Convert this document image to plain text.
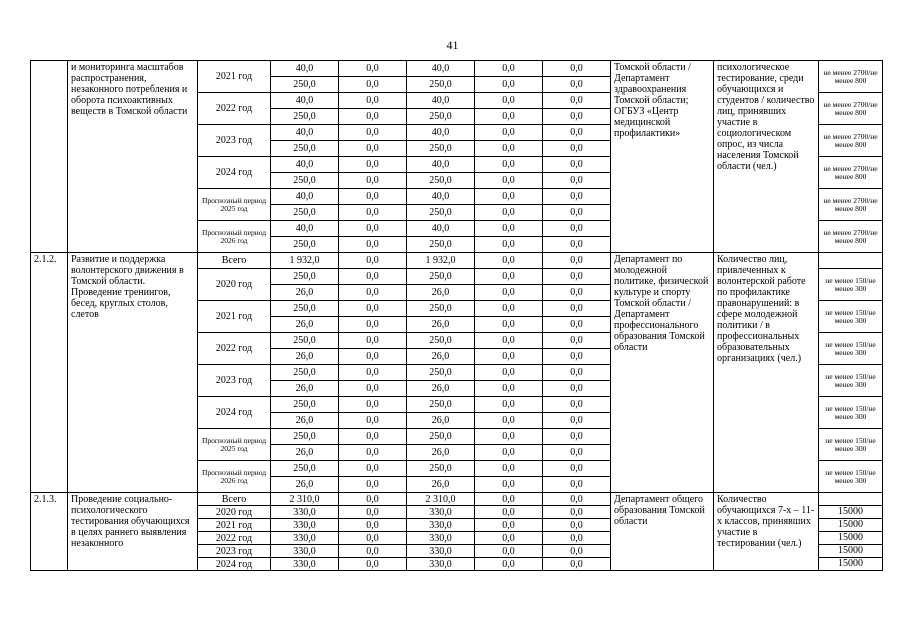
41
	и мониторинга масштабов распространения, незаконного потребления и оборота психоактивных веществ в Томской области	2021 год	40,0	0,0	40,0	0,0	0,0	Томской области / Департамент здравоохранения Томской области; ОГБУЗ «Центр медицинской профилактики»	психологическое тестирование, среди обучающихся и студентов / количество лиц, принявших участие в социологическом опрос, из числа населения Томской области (чел.)	не менее 2700/не менее 800
			250,0	0,0	250,0	0,0	0,0			
		2022 год	40,0	0,0	40,0	0,0	0,0			не менее 2700/не менее 800
			250,0	0,0	250,0	0,0	0,0			
		2023 год	40,0	0,0	40,0	0,0	0,0			не менее 2700/не менее 800
			250,0	0,0	250,0	0,0	0,0			
		2024 год	40,0	0,0	40,0	0,0	0,0			не менее 2700/не менее 800
			250,0	0,0	250,0	0,0	0,0			
		Прогнозный период 2025 год	40,0	0,0	40,0	0,0	0,0			не менее 2700/не менее 800
			250,0	0,0	250,0	0,0	0,0			
		Прогнозный период 2026 год	40,0	0,0	40,0	0,0	0,0			не менее 2700/не менее 800
			250,0	0,0	250,0	0,0	0,0			
2.1.2.	Развитие и поддержка волонтерского движения в Томской области. Проведение тренингов, бесед, круглых столов, слетов	Всего	1 932,0	0,0	1 932,0	0,0	0,0	Департамент по молодежной политике, физической культуре и спорту Томской области / Департамент профессионального образования Томской области	Количество лиц, привлеченных к волонтерской работе по профилактике правонарушений: в сфере молодежной политики / в профессиональных образовательных организациях (чел.)	
		2020 год	250,0	0,0	250,0	0,0	0,0			не менее 150/не менее 300
			26,0	0,0	26,0	0,0	0,0			
		2021 год	250,0	0,0	250,0	0,0	0,0			не менее 150/не менее 300
			26,0	0,0	26,0	0,0	0,0			
		2022 год	250,0	0,0	250,0	0,0	0,0			не менее 150/не менее 300
			26,0	0,0	26,0	0,0	0,0			
		2023 год	250,0	0,0	250,0	0,0	0,0			не менее 150/не менее 300
			26,0	0,0	26,0	0,0	0,0			
		2024 год	250,0	0,0	250,0	0,0	0,0			не менее 150/не менее 300
			26,0	0,0	26,0	0,0	0,0			
		Прогнозный период 2025 год	250,0	0,0	250,0	0,0	0,0			не менее 150/не менее 300
			26,0	0,0	26,0	0,0	0,0			
		Прогнозный период 2026 год	250,0	0,0	250,0	0,0	0,0			не менее 150/не менее 300
			26,0	0,0	26,0	0,0	0,0			
2.1.3.	Проведение социально-психологического тестирования обучающихся в целях раннего выявления незаконного	Всего	2 310,0	0,0	2 310,0	0,0	0,0	Департамент общего образования Томской области	Количество обучающихся 7-х – 11-х классов, принявших участие в тестировании (чел.)	
		2020 год	330,0	0,0	330,0	0,0	0,0			15000
		2021 год	330,0	0,0	330,0	0,0	0,0			15000
		2022 год	330,0	0,0	330,0	0,0	0,0			15000
		2023 год	330,0	0,0	330,0	0,0	0,0			15000
		2024 год	330,0	0,0	330,0	0,0	0,0			15000
